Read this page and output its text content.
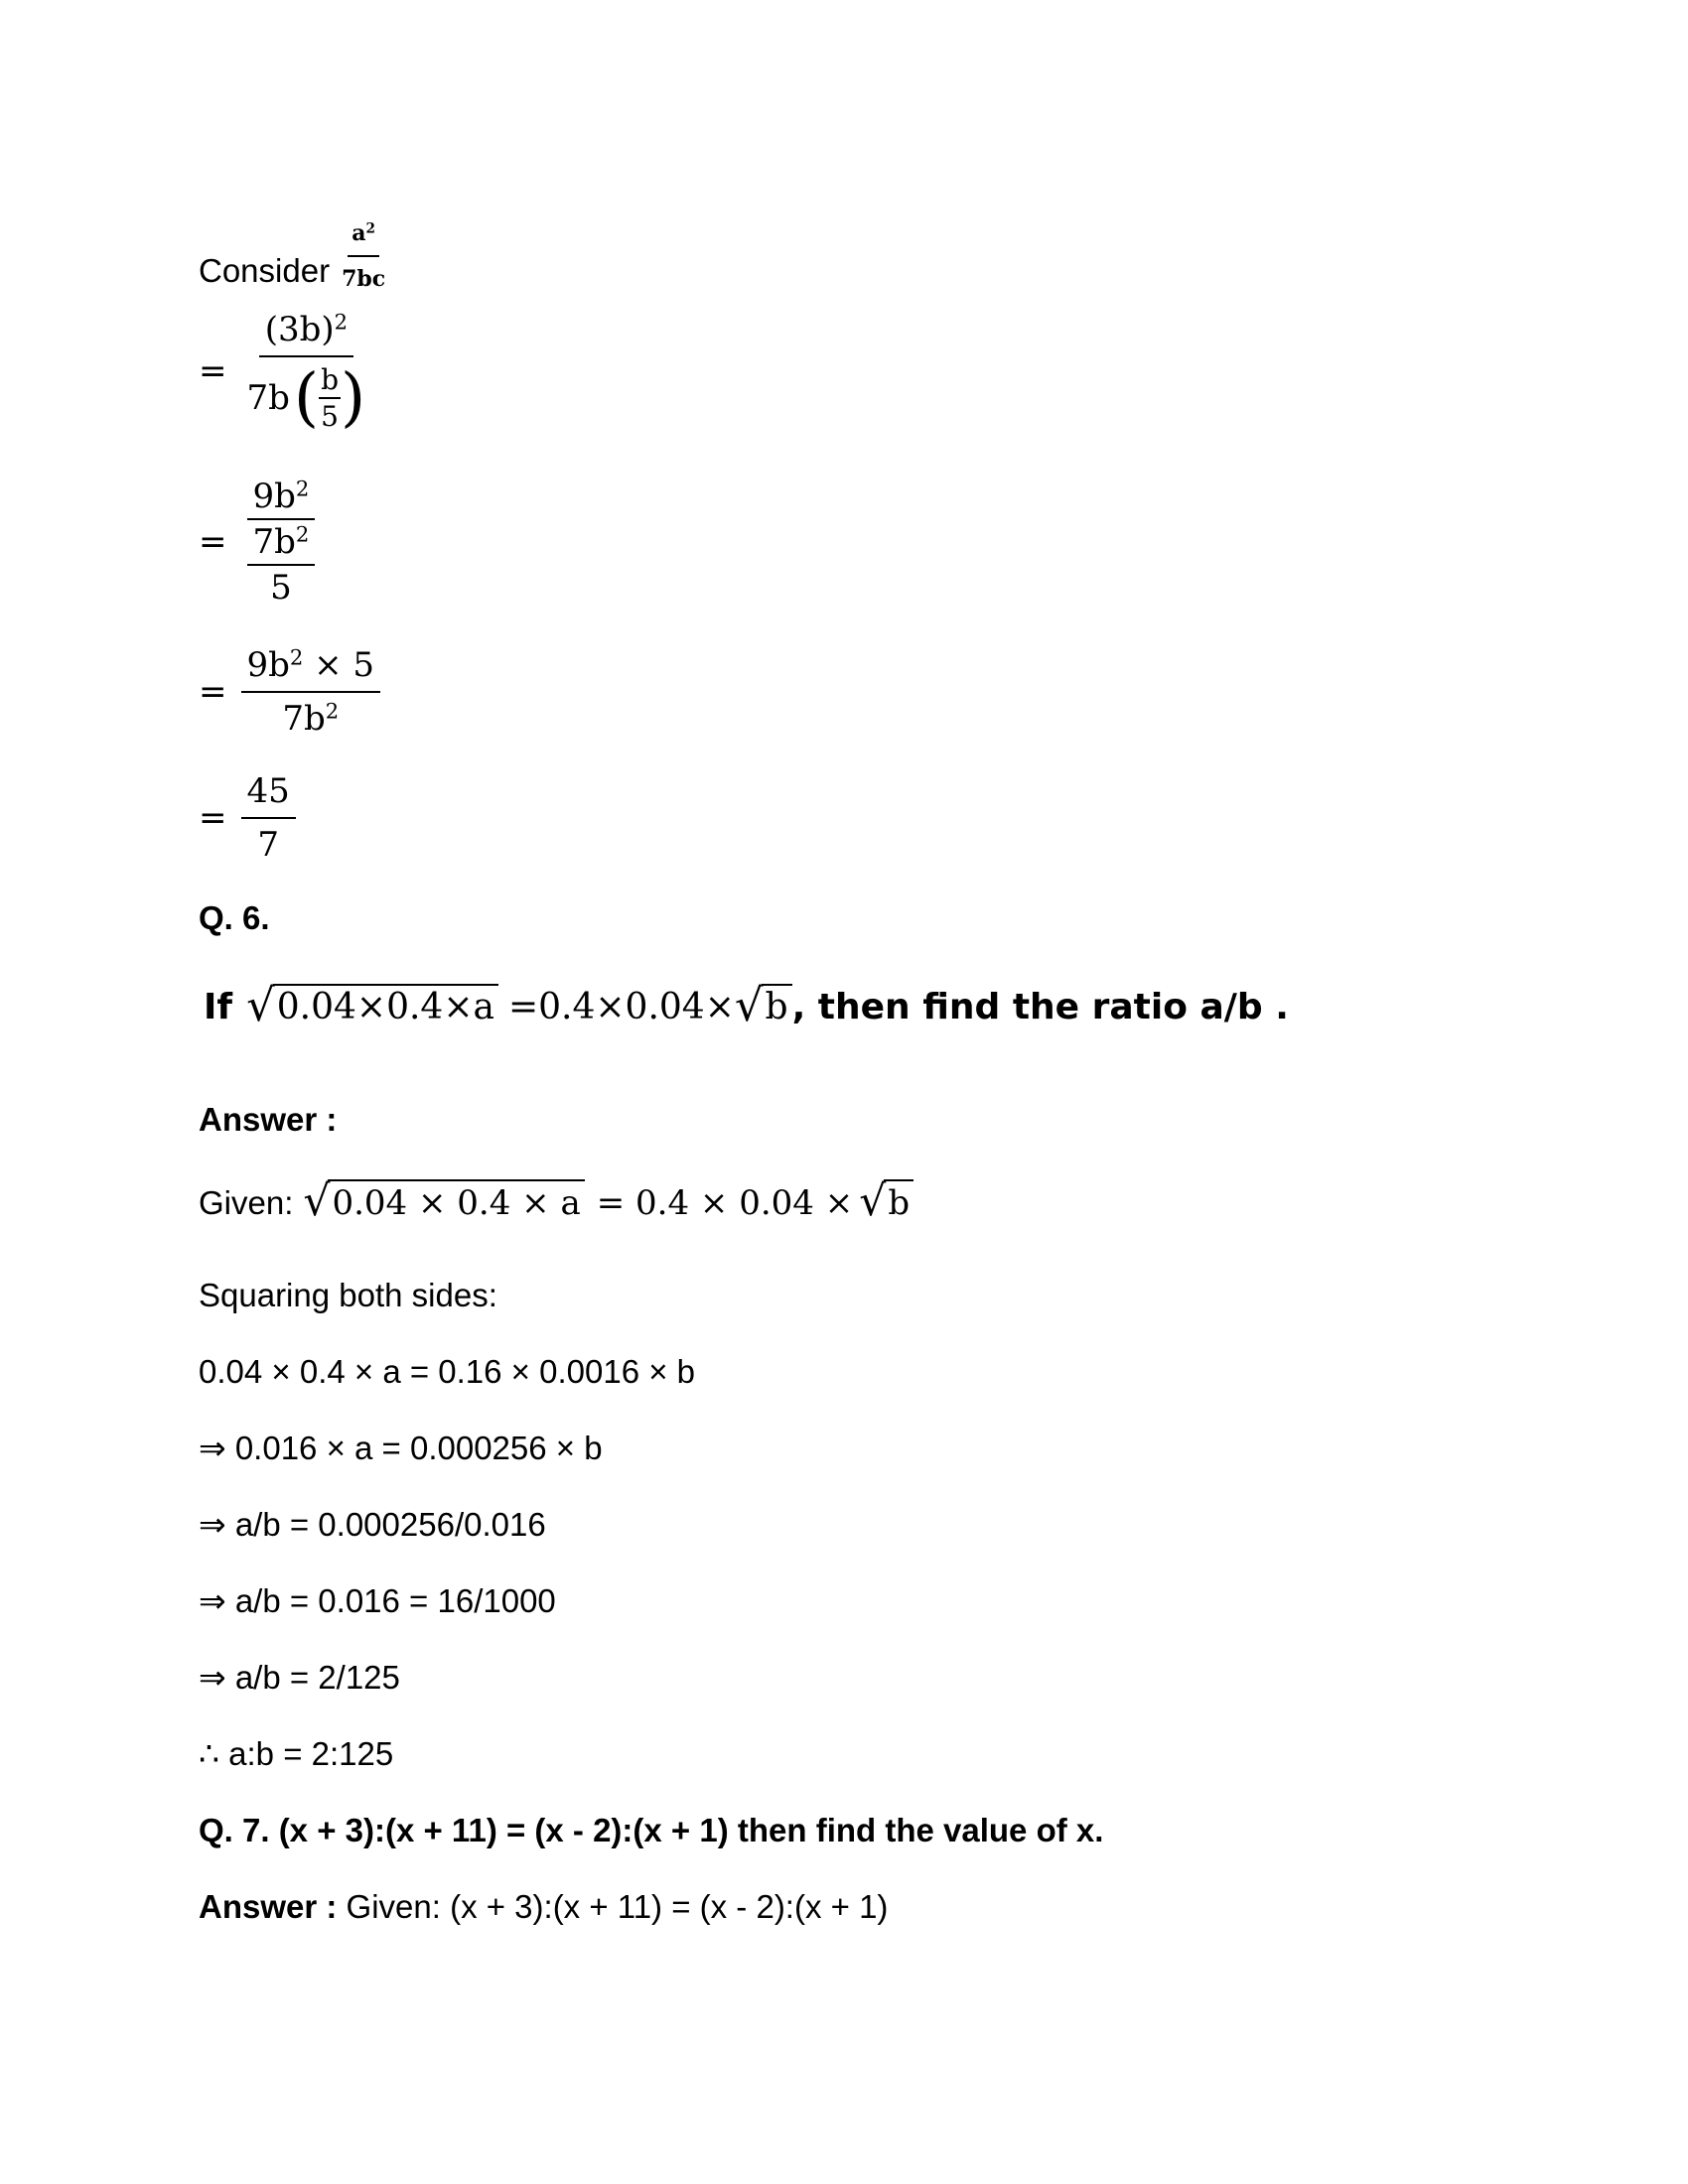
Consider $\frac{a^2}{7bc}$
=
$(3b)^2$
7b ( $\frac{b}{5}$ )
= $\frac{9b^2}{\frac{7b^2}{5}}$
= $\frac{9b^2 \times 5}{7b^2}$
= $\frac{45}{7}$
Q. 6.
If √ 0.04×0.4×a =0.4×0.04× √ b , then find the ratio a/b .
Answer :
Given: √ 0.04 × 0.4 × a = 0.4 × 0.04 × √ b
Squaring both sides:
0.04 × 0.4 × a = 0.16 × 0.0016 × b
⇒ 0.016 × a = 0.000256 × b
⇒ a/b = 0.000256/0.016
⇒ a/b = 0.016 = 16/1000
⇒ a/b = 2/125
∴ a:b = 2:125
Q. 7. (x + 3):(x + 11) = (x - 2):(x + 1) then find the value of x.
Answer : Given: (x + 3):(x + 11) = (x - 2):(x + 1)
